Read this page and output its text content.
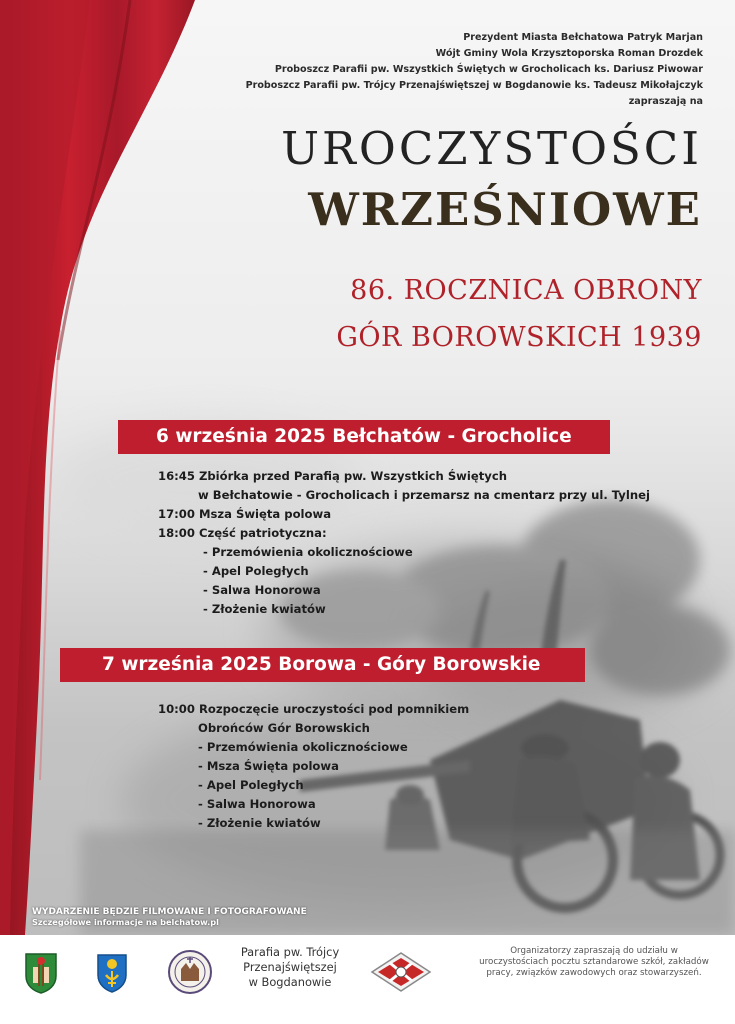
Prezydent Miasta Bełchatowa Patryk Marjan
Wójt Gminy Wola Krzysztoporska Roman Drozdek
Proboszcz Parafii pw. Wszystkich Świętych w Grocholicach ks. Dariusz Piwowar
Proboszcz Parafii pw. Trójcy Przenajświętszej w Bogdanowie ks. Tadeusz Mikołajczyk
zapraszają na
UROCZYSTOŚCI
WRZEŚNIOWE
86. ROCZNICA OBRONY
GÓR BOROWSKICH 1939
6 września 2025 Bełchatów - Grocholice
16:45 Zbiórka przed Parafią pw. Wszystkich Świętych
w Bełchatowie - Grocholicach i przemarsz na cmentarz przy ul. Tylnej
17:00 Msza Święta polowa
18:00 Część patriotyczna:
- Przemówienia okolicznościowe
- Apel Poległych
- Salwa Honorowa
- Złożenie kwiatów
7 września 2025 Borowa - Góry Borowskie
10:00 Rozpoczęcie uroczystości pod pomnikiem
Obrońców Gór Borowskich
- Przemówienia okolicznościowe
- Msza Święta polowa
- Apel Poległych
- Salwa Honorowa
- Złożenie kwiatów
WYDARZENIE BĘDZIE FILMOWANE I FOTOGRAFOWANE
Szczegółowe informacje na belchatow.pl
Parafia pw. Trójcy
Przenajświętszej
w Bogdanowie
Organizatorzy zapraszają do udziału w uroczystościach pocztu sztandarowe szkół, zakładów pracy, związków zawodowych oraz stowarzyszeń.
